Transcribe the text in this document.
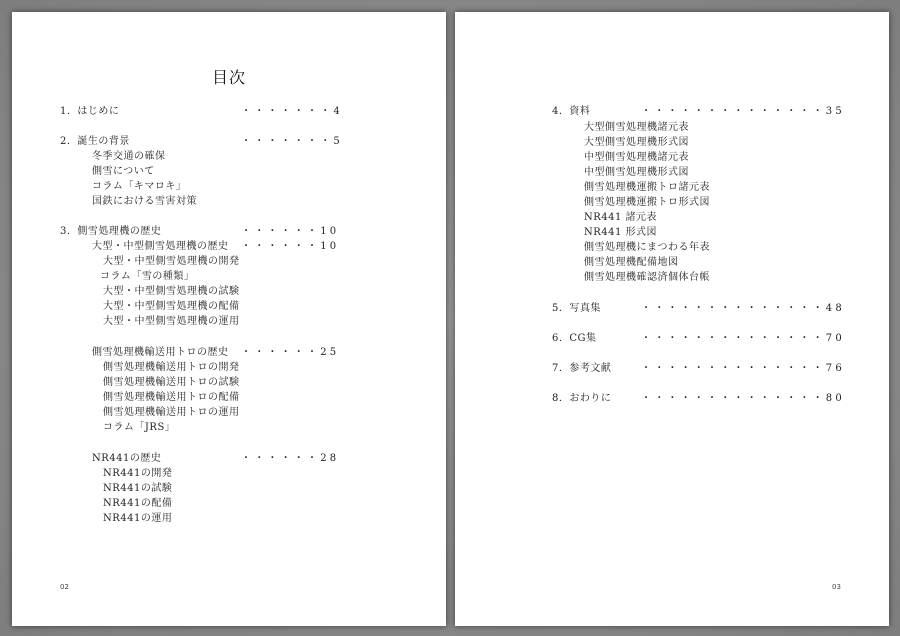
目次
1．はじめに	・・・・・・・4
2．誕生の背景	・・・・・・・5
冬季交通の確保
側雪について
コラム「キマロキ」
国鉄における雪害対策
3．側雪処理機の歴史	・・・・・・10
大型・中型側雪処理機の歴史 ・・・・・・10
大型・中型側雪処理機の開発
コラム「雪の種類」
大型・中型側雪処理機の試験
大型・中型側雪処理機の配備
大型・中型側雪処理機の運用
側雪処理機輸送用トロの歴史 ・・・・・・25
側雪処理機輸送用トロの開発
側雪処理機輸送用トロの試験
側雪処理機輸送用トロの配備
側雪処理機輸送用トロの運用
コラム「JRS」
NR441の歴史	・・・・・・28
NR441の開発
NR441の試験
NR441の配備
NR441の運用
02
4．資料	・・・・・・・・・・・・・・35
大型側雪処理機諸元表
大型側雪処理機形式図
中型側雪処理機諸元表
中型側雪処理機形式図
側雪処理機運搬トロ諸元表
側雪処理機運搬トロ形式図
NR441 諸元表
NR441 形式図
側雪処理機にまつわる年表
側雪処理機配備地図
側雪処理機確認済個体台帳
5．写真集	・・・・・・・・・・・・・・48
6．CG集	・・・・・・・・・・・・・・70
7．参考文献	・・・・・・・・・・・・・・76
8．おわりに	・・・・・・・・・・・・・・80
03
